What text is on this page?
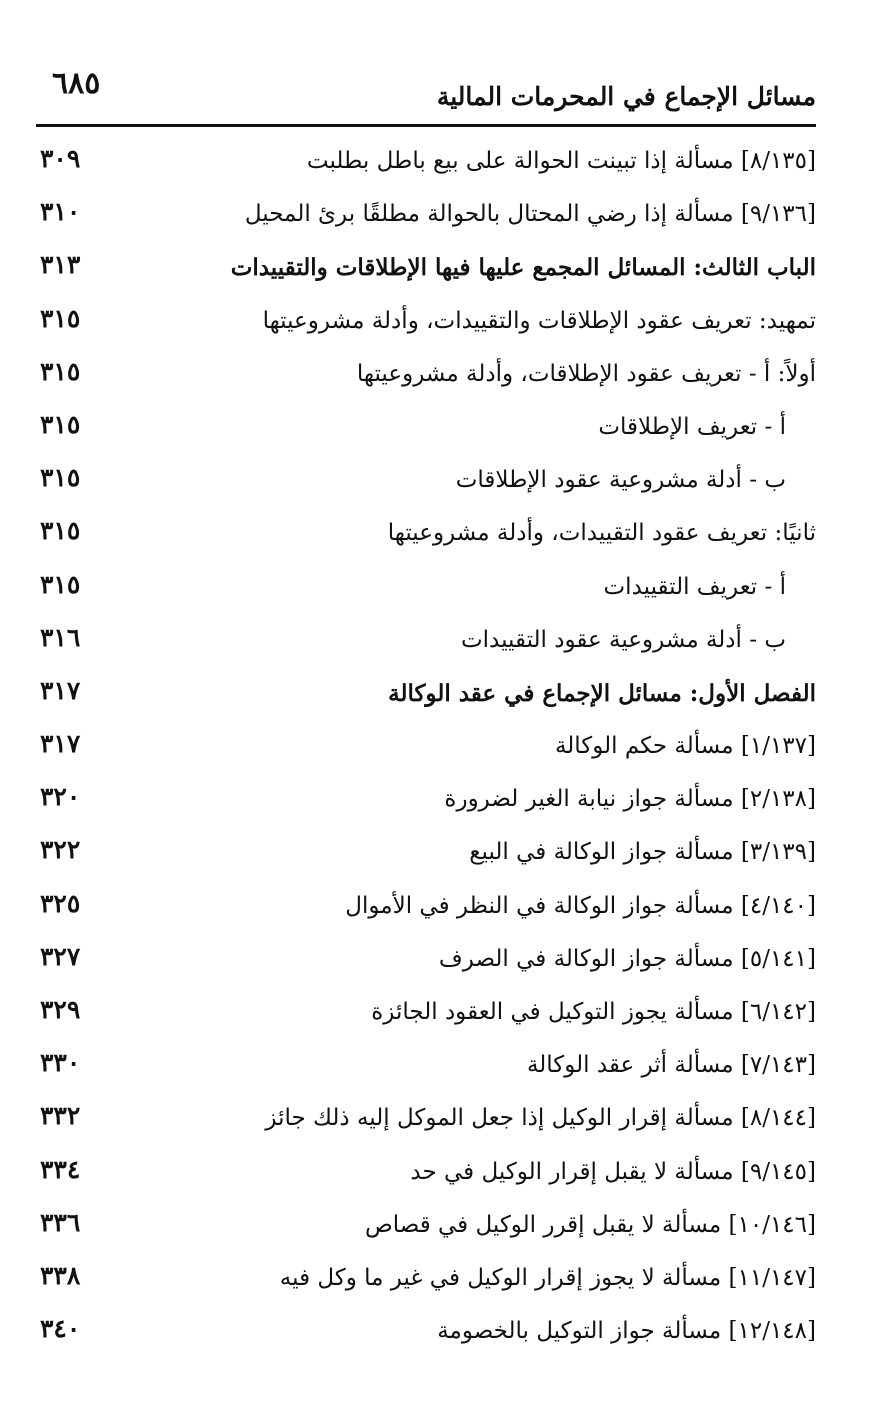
٦٨٥	مسائل الإجماع في المحرمات المالية
[٨/١٣٥] مسألة إذا تبينت الحوالة على بيع باطل بطلبت
٣٠٩
[٩/١٣٦] مسألة إذا رضي المحتال بالحوالة مطلقًا برئ المحيل
٣١٠
الباب الثالث: المسائل المجمع عليها فيها الإطلاقات والتقييدات
٣١٣
تمهيد: تعريف عقود الإطلاقات والتقييدات، وأدلة مشروعيتها
٣١٥
أولاً: أ - تعريف عقود الإطلاقات، وأدلة مشروعيتها
٣١٥
أ - تعريف الإطلاقات
٣١٥
ب - أدلة مشروعية عقود الإطلاقات
٣١٥
ثانيًا: تعريف عقود التقييدات، وأدلة مشروعيتها
٣١٥
أ - تعريف التقييدات
٣١٥
ب - أدلة مشروعية عقود التقييدات
٣١٦
الفصل الأول: مسائل الإجماع في عقد الوكالة
٣١٧
[١/١٣٧] مسألة حكم الوكالة
٣١٧
[٢/١٣٨] مسألة جواز نيابة الغير لضرورة
٣٢٠
[٣/١٣٩] مسألة جواز الوكالة في البيع
٣٢٢
[٤/١٤٠] مسألة جواز الوكالة في النظر في الأموال
٣٢٥
[٥/١٤١] مسألة جواز الوكالة في الصرف
٣٢٧
[٦/١٤٢] مسألة يجوز التوكيل في العقود الجائزة
٣٢٩
[٧/١٤٣] مسألة أثر عقد الوكالة
٣٣٠
[٨/١٤٤] مسألة إقرار الوكيل إذا جعل الموكل إليه ذلك جائز
٣٣٢
[٩/١٤٥] مسألة لا يقبل إقرار الوكيل في حد
٣٣٤
[١٠/١٤٦] مسألة لا يقبل إقرر الوكيل في قصاص
٣٣٦
[١١/١٤٧] مسألة لا يجوز إقرار الوكيل في غير ما وكل فيه
٣٣٨
[١٢/١٤٨] مسألة جواز التوكيل بالخصومة
٣٤٠
